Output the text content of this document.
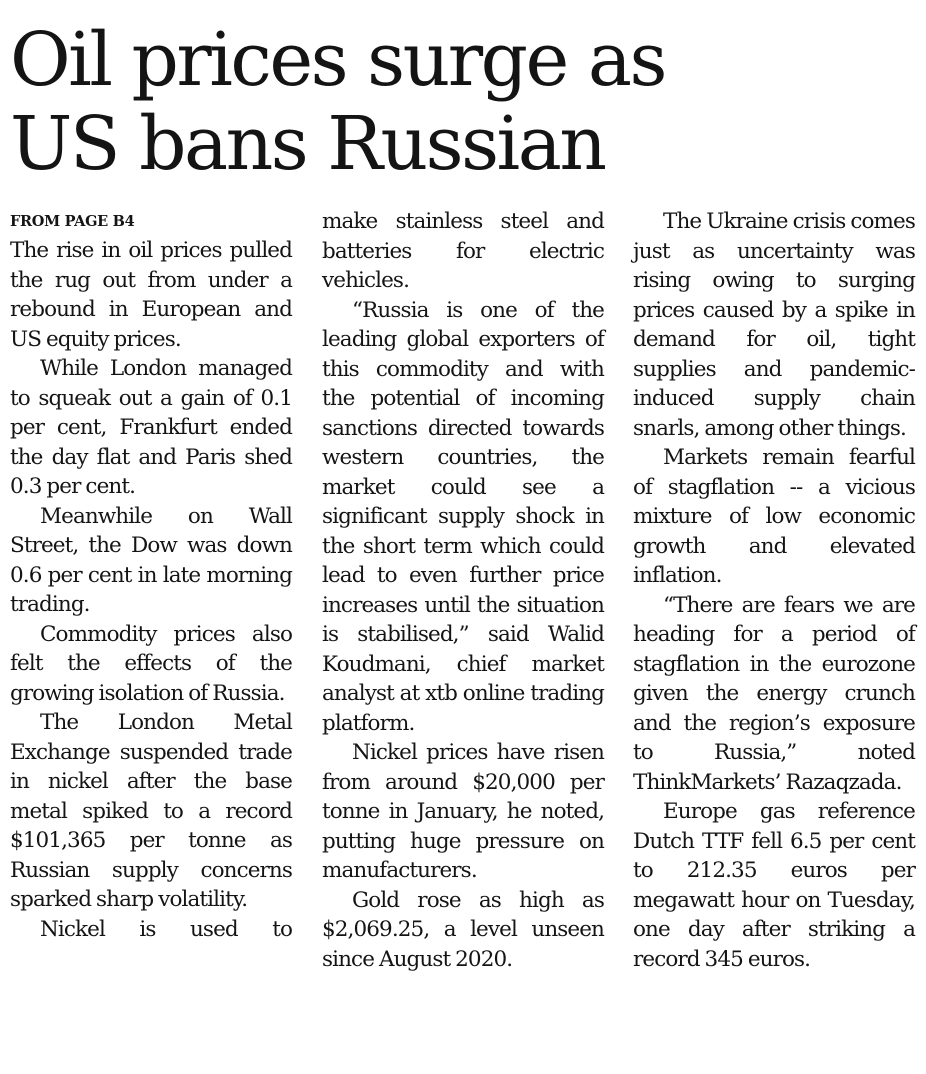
Oil prices surge as
US bans Russian
FROM PAGE B4

The rise in oil prices pulled the rug out from under a rebound in European and US equity prices.

While London managed to squeak out a gain of 0.1 per cent, Frankfurt ended the day flat and Paris shed 0.3 per cent.

Meanwhile on Wall Street, the Dow was down 0.6 per cent in late morning trading.

Commodity prices also felt the effects of the growing isolation of Russia.

The London Metal Exchange suspended trade in nickel after the base metal spiked to a record $101,365 per tonne as Russian supply concerns sparked sharp volatility.

Nickel is used to

make stainless steel and batteries for electric vehicles.

“Russia is one of the leading global exporters of this commodity and with the potential of incoming sanctions directed towards western countries, the market could see a significant supply shock in the short term which could lead to even further price increases until the situation is stabilised,” said Walid Koudmani, chief market analyst at xtb online trading platform.

Nickel prices have risen from around $20,000 per tonne in January, he noted, putting huge pressure on manufacturers.

Gold rose as high as $2,069.25, a level unseen since August 2020.

The Ukraine crisis comes just as uncertainty was rising owing to surging prices caused by a spike in demand for oil, tight supplies and pandemic-induced supply chain snarls, among other things.

Markets remain fearful of stagflation -- a vicious mixture of low economic growth and elevated inflation.

“There are fears we are heading for a period of stagflation in the eurozone given the energy crunch and the region’s exposure to Russia,” noted ThinkMarkets’ Razaqzada.

Europe gas reference Dutch TTF fell 6.5 per cent to 212.35 euros per megawatt hour on Tuesday, one day after striking a record 345 euros.
